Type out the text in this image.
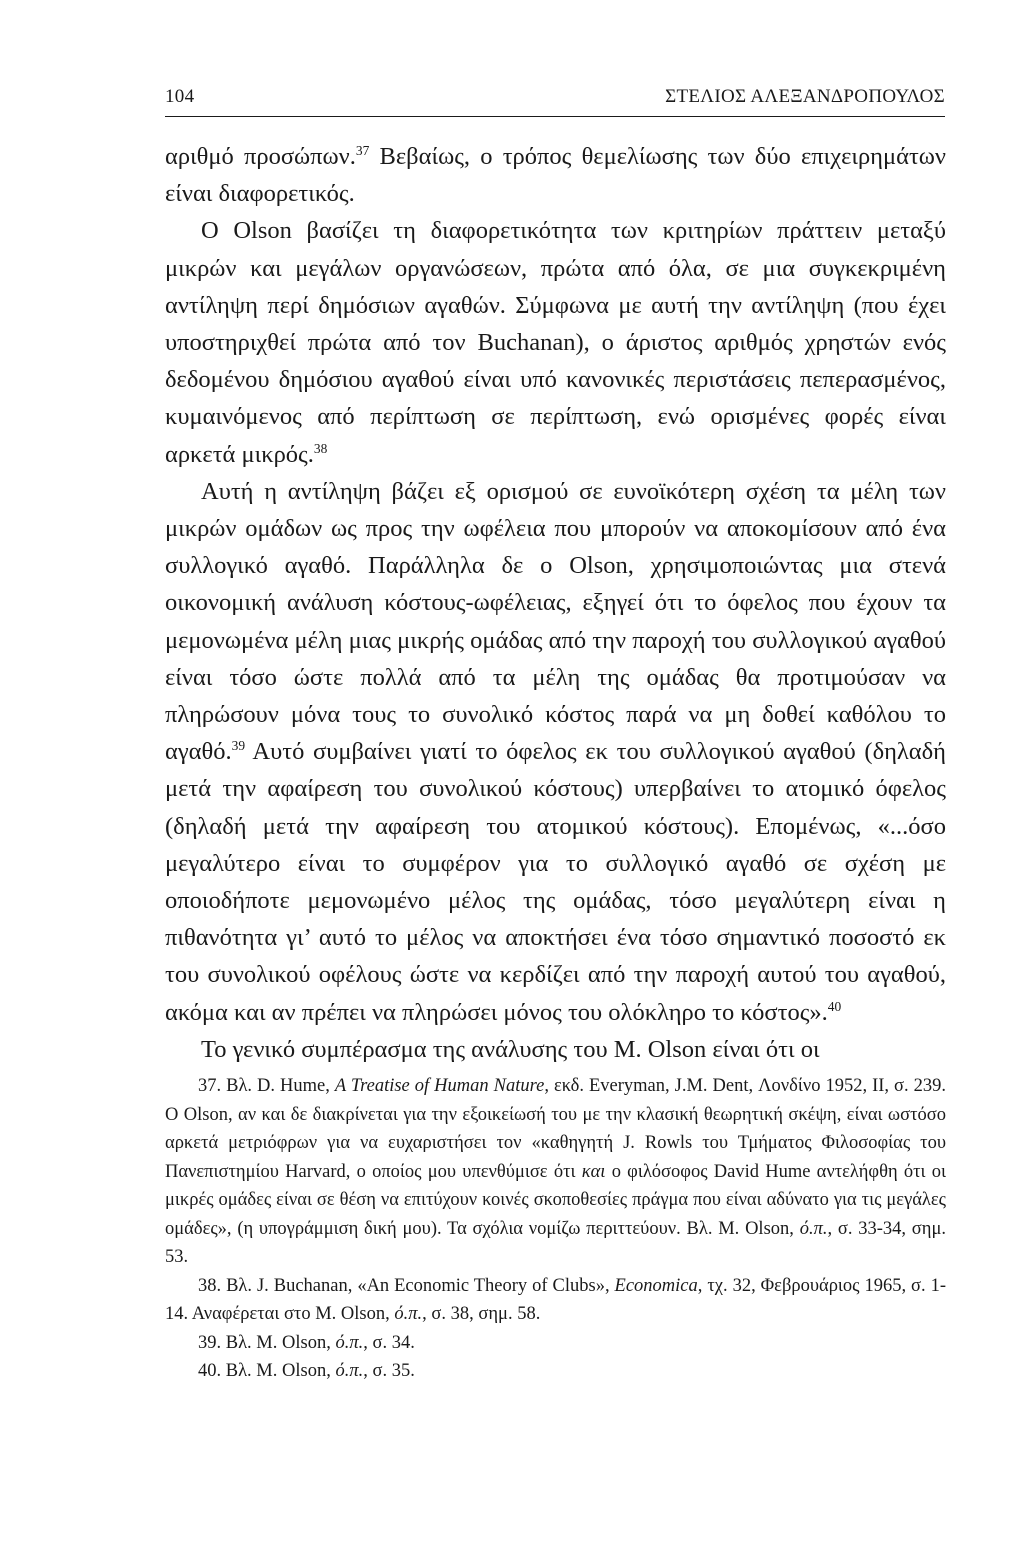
104	ΣΤΕΛΙΟΣ ΑΛΕΞΑΝΔΡΟΠΟΥΛΟΣ

αριθμό προσώπων.$^{37}$ Βεβαίως, ο τρόπος θεμελίωσης των δύο επιχειρημάτων είναι διαφορετικός.

Ο Olson βασίζει τη διαφορετικότητα των κριτηρίων πράττειν μεταξύ μικρών και μεγάλων οργανώσεων, πρώτα από όλα, σε μια συγκεκριμένη αντίληψη περί δημόσιων αγαθών. Σύμφωνα με αυτή την αντίληψη (που έχει υποστηριχθεί πρώτα από τον Buchanan), ο άριστος αριθμός χρηστών ενός δεδομένου δημόσιου αγαθού είναι υπό κανονικές περιστάσεις πεπερασμένος, κυμαινόμενος από περίπτωση σε περίπτωση, ενώ ορισμένες φορές είναι αρκετά μικρός.$^{38}$

Αυτή η αντίληψη βάζει εξ ορισμού σε ευνοϊκότερη σχέση τα μέλη των μικρών ομάδων ως προς την ωφέλεια που μπορούν να αποκομίσουν από ένα συλλογικό αγαθό. Παράλληλα δε ο Olson, χρησιμοποιώντας μια στενά οικονομική ανάλυση κόστους-ωφέλειας, εξηγεί ότι το όφελος που έχουν τα μεμονωμένα μέλη μιας μικρής ομάδας από την παροχή του συλλογικού αγαθού είναι τόσο ώστε πολλά από τα μέλη της ομάδας θα προτιμούσαν να πληρώσουν μόνα τους το συνολικό κόστος παρά να μη δοθεί καθόλου το αγαθό.$^{39}$ Αυτό συμβαίνει γιατί το όφελος εκ του συλλογικού αγαθού (δηλαδή μετά την αφαίρεση του συνολικού κόστους) υπερβαίνει το ατομικό όφελος (δηλαδή μετά την αφαίρεση του ατομικού κόστους). Επομένως, «...όσο μεγαλύτερο είναι το συμφέρον για το συλλογικό αγαθό σε σχέση με οποιοδήποτε μεμονωμένο μέλος της ομάδας, τόσο μεγαλύτερη είναι η πιθανότητα γι’ αυτό το μέλος να αποκτήσει ένα τόσο σημαντικό ποσοστό εκ του συνολικού οφέλους ώστε να κερδίζει από την παροχή αυτού του αγαθού, ακόμα και αν πρέπει να πληρώσει μόνος του ολόκληρο το κόστος».$^{40}$

Το γενικό συμπέρασμα της ανάλυσης του Μ. Olson είναι ότι οι

37. Βλ. D. Hume, A Treatise of Human Nature, εκδ. Everyman, J.M. Dent, Λονδίνο 1952, II, σ. 239. Ο Olson, αν και δε διακρίνεται για την εξοικείωσή του με την κλασική θεωρητική σκέψη, είναι ωστόσο αρκετά μετριόφρων για να ευχαριστήσει τον «καθηγητή J. Rowls του Τμήματος Φιλοσοφίας του Πανεπιστημίου Harvard, ο οποίος μου υπενθύμισε ότι και ο φιλόσοφος David Hume αντελήφθη ότι οι μικρές ομάδες είναι σε θέση να επιτύχουν κοινές σκοποθεσίες πράγμα που είναι αδύνατο για τις μεγάλες ομάδες», (η υπογράμμιση δική μου). Τα σχόλια νομίζω περιττεύουν. Βλ. Μ. Olson, ό.π., σ. 33-34, σημ. 53.

38. Βλ. J. Buchanan, «An Economic Theory of Clubs», Economica, τχ. 32, Φεβρουάριος 1965, σ. 1-14. Αναφέρεται στο Μ. Olson, ό.π., σ. 38, σημ. 58.

39. Βλ. Μ. Olson, ό.π., σ. 34.

40. Βλ. Μ. Olson, ό.π., σ. 35.
